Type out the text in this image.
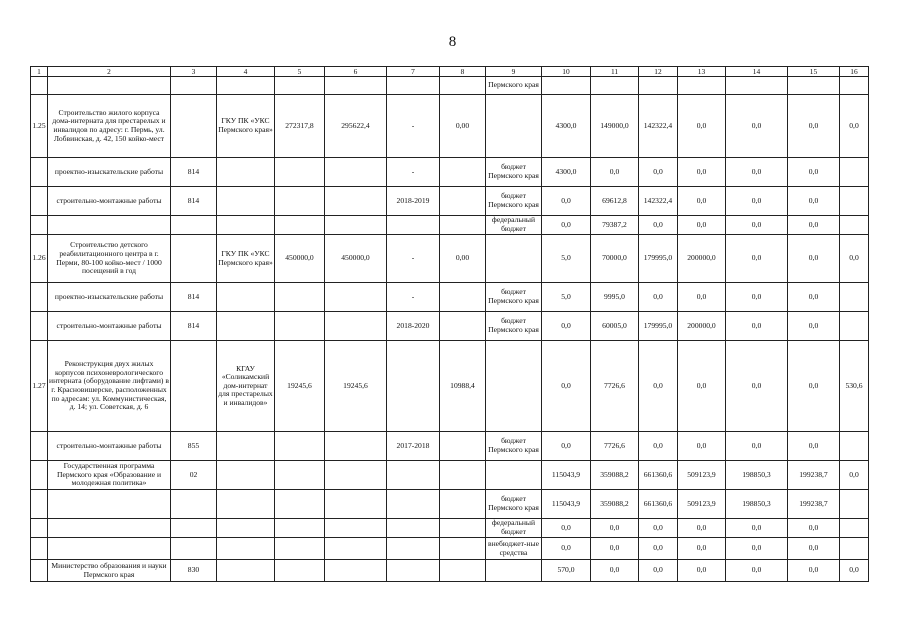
8
1	2	3	4	5	6	7	8	9	10	11	12	13	14	15	16
								Пермского края							
1.25	Строительство жилого корпуса дома-интерната для престарелых и инвалидов по адресу: г. Пермь, ул. Лобвинская, д. 42, 150 койко-мест		ГКУ ПК «УКС Пермского края»	272317,8	295622,4	-	0,00		4300,0	149000,0	142322,4	0,0	0,0	0,0	0,0
	проектно-изыскательские работы	814				-		бюджет Пермского края	4300,0	0,0	0,0	0,0	0,0	0,0	
	строительно-монтажные работы	814				2018-2019		бюджет Пермского края	0,0	69612,8	142322,4	0,0	0,0	0,0	
								федеральный бюджет	0,0	79387,2	0,0	0,0	0,0	0,0	
1.26	Строительство детского реабилитационного центра в г. Перми, 80-100 койко-мест / 1000 посещений в год		ГКУ ПК «УКС Пермского края»	450000,0	450000,0	-	0,00		5,0	70000,0	179995,0	200000,0	0,0	0,0	0,0
	проектно-изыскательские работы	814				-		бюджет Пермского края	5,0	9995,0	0,0	0,0	0,0	0,0	
	строительно-монтажные работы	814				2018-2020		бюджет Пермского края	0,0	60005,0	179995,0	200000,0	0,0	0,0	
1.27	Реконструкция двух жилых корпусов психоневрологического интерната (оборудование лифтами) в г. Красновишерске, расположенных по адресам: ул. Коммунистическая, д. 14; ул. Советская, д. 6		КГАУ «Соликамский дом-интернат для престарелых и инвалидов»	19245,6	19245,6		10988,4		0,0	7726,6	0,0	0,0	0,0	0,0	530,6
	строительно-монтажные работы	855				2017-2018		бюджет Пермского края	0,0	7726,6	0,0	0,0	0,0	0,0	
	Государственная программа Пермского края «Образование и молодежная политика»	02							115043,9	359088,2	661360,6	509123,9	198850,3	199238,7	0,0
								бюджет Пермского края	115043,9	359088,2	661360,6	509123,9	198850,3	199238,7	
								федеральный бюджет	0,0	0,0	0,0	0,0	0,0	0,0	
								внебюджет-ные средства	0,0	0,0	0,0	0,0	0,0	0,0	
	Министерство образования и науки Пермского края	830							570,0	0,0	0,0	0,0	0,0	0,0	0,0
